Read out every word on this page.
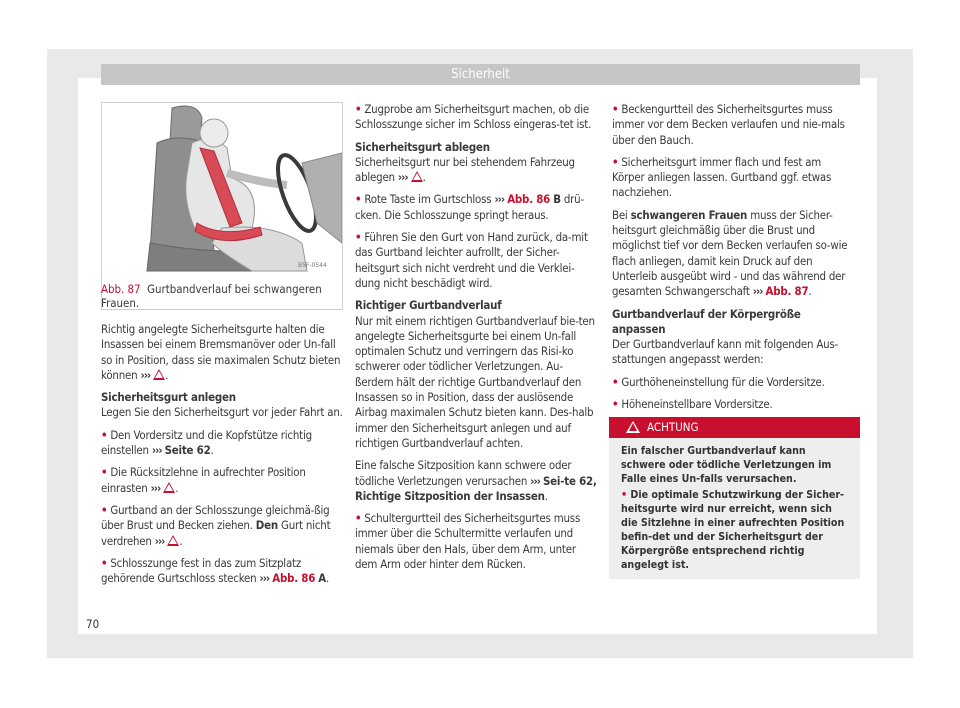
Sicherheit
B5F-0544
Abb. 87 Gurtbandverlauf bei schwangeren Frauen.

Richtig angelegte Sicherheitsgurte halten die Insassen bei einem Bremsmanöver oder Un-fall so in Position, dass sie maximalen Schutz bieten können ››› .

Sicherheitsgurt anlegen

Legen Sie den Sicherheitsgurt vor jeder Fahrt an.

• Den Vordersitz und die Kopfstütze richtig einstellen ››› Seite 62.

• Die Rücksitzlehne in aufrechter Position einrasten ››› .

• Gurtband an der Schlosszunge gleichmä-ßig über Brust und Becken ziehen. Den Gurt nicht verdrehen ››› .

• Schlosszunge fest in das zum Sitzplatz gehörende Gurtschloss stecken ››› Abb. 86 A.

• Zugprobe am Sicherheitsgurt machen, ob die Schlosszunge sicher im Schloss eingeras-tet ist.

Sicherheitsgurt ablegen

Sicherheitsgurt nur bei stehendem Fahrzeug ablegen ››› .

• Rote Taste im Gurtschloss ››› Abb. 86 B drü-cken. Die Schlosszunge springt heraus.

• Führen Sie den Gurt von Hand zurück, da-mit das Gurtband leichter aufrollt, der Sicher-heitsgurt sich nicht verdreht und die Verklei-dung nicht beschädigt wird.

Richtiger Gurtbandverlauf

Nur mit einem richtigen Gurtbandverlauf bie-ten angelegte Sicherheitsgurte bei einem Un-fall optimalen Schutz und verringern das Risi-ko schwerer oder tödlicher Verletzungen. Au-ßerdem hält der richtige Gurtbandverlauf den Insassen so in Position, dass der auslösende Airbag maximalen Schutz bieten kann. Des-halb immer den Sicherheitsgurt anlegen und auf richtigen Gurtbandverlauf achten.

Eine falsche Sitzposition kann schwere oder tödliche Verletzungen verursachen ››› Sei-te 62, Richtige Sitzposition der Insassen.

• Schultergurtteil des Sicherheitsgurtes muss immer über die Schultermitte verlaufen und niemals über den Hals, über dem Arm, unter dem Arm oder hinter dem Rücken.

• Beckengurtteil des Sicherheitsgurtes muss immer vor dem Becken verlaufen und nie-mals über den Bauch.

• Sicherheitsgurt immer flach und fest am Körper anliegen lassen. Gurtband ggf. etwas nachziehen.

Bei schwangeren Frauen muss der Sicher-heitsgurt gleichmäßig über die Brust und möglichst tief vor dem Becken verlaufen so-wie flach anliegen, damit kein Druck auf den Unterleib ausgeübt wird - und das während der gesamten Schwangerschaft ››› Abb. 87.

Gurtbandverlauf der Körpergröße anpassen

Der Gurtbandverlauf kann mit folgenden Aus-stattungen angepasst werden:

• Gurthöheneinstellung für die Vordersitze.

• Höheneinstellbare Vordersitze.

ACHTUNG

Ein falscher Gurtbandverlauf kann schwere oder tödliche Verletzungen im Falle eines Un-falls verursachen.

• Die optimale Schutzwirkung der Sicher-heitsgurte wird nur erreicht, wenn sich die Sitzlehne in einer aufrechten Position befin-det und der Sicherheitsgurt der Körpergröße entsprechend richtig angelegt ist.

70
